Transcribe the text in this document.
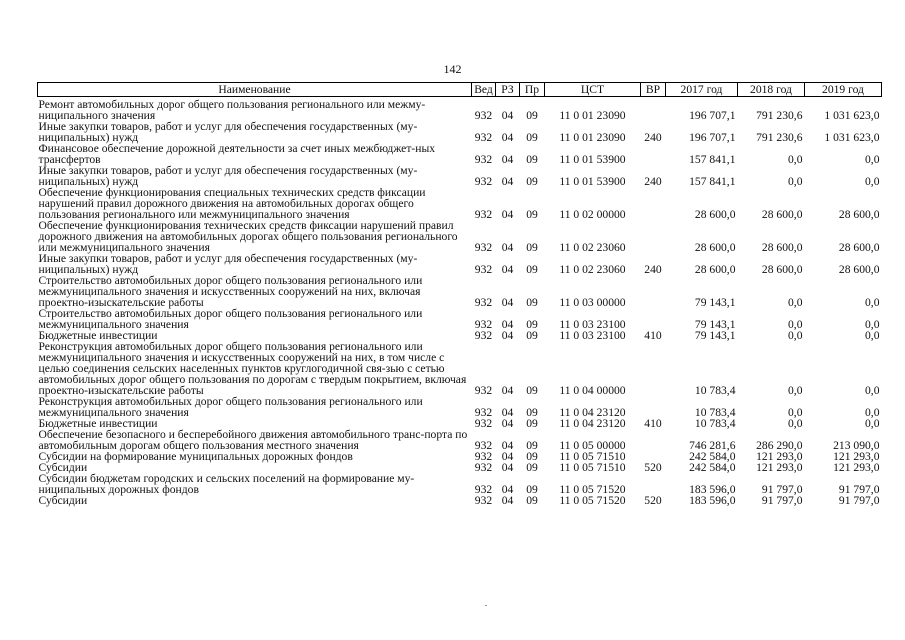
142
Наименование	Вед	РЗ	Пр	ЦСТ	ВР	2017 год	2018 год	2019 год
Ремонт автомобильных дорог общего пользования регионального или межму-ниципального значения	932	04	09	11 0 01 23090		196 707,1	791 230,6	1 031 623,0
Иные закупки товаров, работ и услуг для обеспечения государственных (му-ниципальных) нужд	932	04	09	11 0 01 23090	240	196 707,1	791 230,6	1 031 623,0
Финансовое обеспечение дорожной деятельности за счет иных межбюджет-ных трансфертов	932	04	09	11 0 01 53900		157 841,1	0,0	0,0
Иные закупки товаров, работ и услуг для обеспечения государственных (му-ниципальных) нужд	932	04	09	11 0 01 53900	240	157 841,1	0,0	0,0
Обеспечение функционирования специальных технических средств фиксации нарушений правил дорожного движения на автомобильных дорогах общего пользования регионального или межмуниципального значения	932	04	09	11 0 02 00000		28 600,0	28 600,0	28 600,0
Обеспечение функционирования технических средств фиксации нарушений правил дорожного движения на автомобильных дорогах общего пользования регионального или межмуниципального значения	932	04	09	11 0 02 23060		28 600,0	28 600,0	28 600,0
Иные закупки товаров, работ и услуг для обеспечения государственных (му-ниципальных) нужд	932	04	09	11 0 02 23060	240	28 600,0	28 600,0	28 600,0
Строительство автомобильных дорог общего пользования регионального или межмуниципального значения и искусственных сооружений на них, включая проектно-изыскательские работы	932	04	09	11 0 03 00000		79 143,1	0,0	0,0
Строительство автомобильных дорог общего пользования регионального или межмуниципального значения	932	04	09	11 0 03 23100		79 143,1	0,0	0,0
Бюджетные инвестиции	932	04	09	11 0 03 23100	410	79 143,1	0,0	0,0
Реконструкция автомобильных дорог общего пользования регионального или межмуниципального значения и искусственных сооружений на них, в том числе с целью соединения сельских населенных пунктов круглогодичной свя-зью с сетью автомобильных дорог общего пользования по дорогам с твердым покрытием, включая проектно-изыскательские работы	932	04	09	11 0 04 00000		10 783,4	0,0	0,0
Реконструкция автомобильных дорог общего пользования регионального или межмуниципального значения	932	04	09	11 0 04 23120		10 783,4	0,0	0,0
Бюджетные инвестиции	932	04	09	11 0 04 23120	410	10 783,4	0,0	0,0
Обеспечение безопасного и бесперебойного движения автомобильного транс-порта по автомобильным дорогам общего пользования местного значения	932	04	09	11 0 05 00000		746 281,6	286 290,0	213 090,0
Субсидии на формирование муниципальных дорожных фондов	932	04	09	11 0 05 71510		242 584,0	121 293,0	121 293,0
Субсидии	932	04	09	11 0 05 71510	520	242 584,0	121 293,0	121 293,0
Субсидии бюджетам городских и сельских поселений на формирование му-ниципальных дорожных фондов	932	04	09	11 0 05 71520		183 596,0	91 797,0	91 797,0
Субсидии	932	04	09	11 0 05 71520	520	183 596,0	91 797,0	91 797,0
